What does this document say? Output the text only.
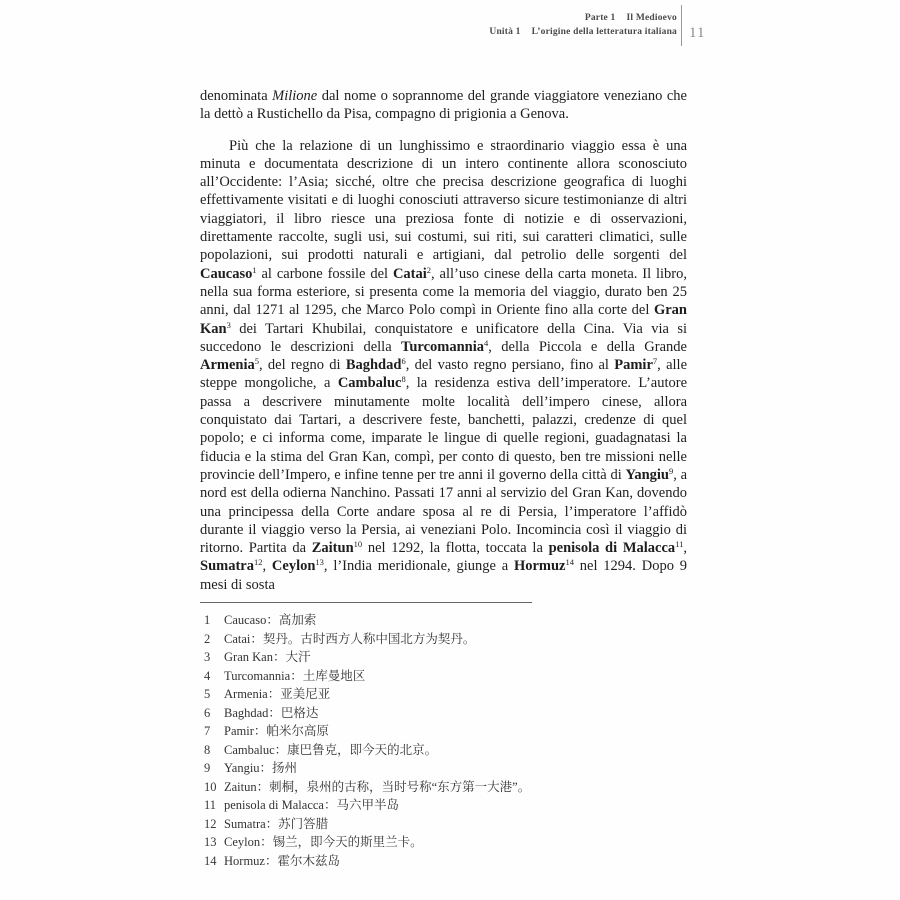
Parte 1 Il Medioevo
Unità 1 L’origine della letteratura italiana 11

denominata Milione dal nome o soprannome del grande viaggiatore veneziano che la dettò a Rustichello da Pisa, compagno di prigionia a Genova.

Più che la relazione di un lunghissimo e straordinario viaggio essa è una minuta e documentata descrizione di un intero continente allora sconosciuto all’Occidente: l’Asia; sicché, oltre che precisa descrizione geografica di luoghi effettivamente visitati e di luoghi conosciuti attraverso sicure testimonianze di altri viaggiatori, il libro riesce una preziosa fonte di notizie e di osservazioni, direttamente raccolte, sugli usi, sui costumi, sui riti, sui caratteri climatici, sulle popolazioni, sui prodotti naturali e artigiani, dal petrolio delle sorgenti del Caucaso$^1$ al carbone fossile del Catai$^2$, all’uso cinese della carta moneta. Il libro, nella sua forma esteriore, si presenta come la memoria del viaggio, durato ben 25 anni, dal 1271 al 1295, che Marco Polo compì in Oriente fino alla corte del Gran Kan$^3$ dei Tartari Khubilai, conquistatore e unificatore della Cina. Via via si succedono le descrizioni della Turcomannia$^4$, della Piccola e della Grande Armenia$^5$, del regno di Baghdad$^6$, del vasto regno persiano, fino al Pamir$^7$, alle steppe mongoliche, a Cambaluc$^8$, la residenza estiva dell’imperatore. L’autore passa a descrivere minutamente molte località dell’impero cinese, allora conquistato dai Tartari, a descrivere feste, banchetti, palazzi, credenze di quel popolo; e ci informa come, imparate le lingue di quelle regioni, guadagnatasi la fiducia e la stima del Gran Kan, compì, per conto di questo, ben tre missioni nelle provincie dell’Impero, e infine tenne per tre anni il governo della città di Yangiu$^9$, a nord est della odierna Nanchino. Passati 17 anni al servizio del Gran Kan, dovendo una principessa della Corte andare sposa al re di Persia, l’imperatore l’affidò durante il viaggio verso la Persia, ai veneziani Polo. Incomincia così il viaggio di ritorno. Partita da Zaitun$^{10}$ nel 1292, la flotta, toccata la penisola di Malacca$^{11}$, Sumatra$^{12}$, Ceylon$^{13}$, l’India meridionale, giunge a Hormuz$^{14}$ nel 1294. Dopo 9 mesi di sosta

1	Caucaso：高加索
2	Catai：契丹。古时西方人称中国北方为契丹。
3	Gran Kan：大汗
4	Turcomannia：土库曼地区
5	Armenia：亚美尼亚
6	Baghdad：巴格达
7	Pamir：帕米尔高原
8	Cambaluc：康巴鲁克，即今天的北京。
9	Yangiu：扬州
10 Zaitun：刺桐，泉州的古称，当时号称“东方第一大港”。
11 penisola di Malacca：马六甲半岛
12 Sumatra：苏门答腊
13 Ceylon：锡兰，即今天的斯里兰卡。
14 Hormuz：霍尔木兹岛
